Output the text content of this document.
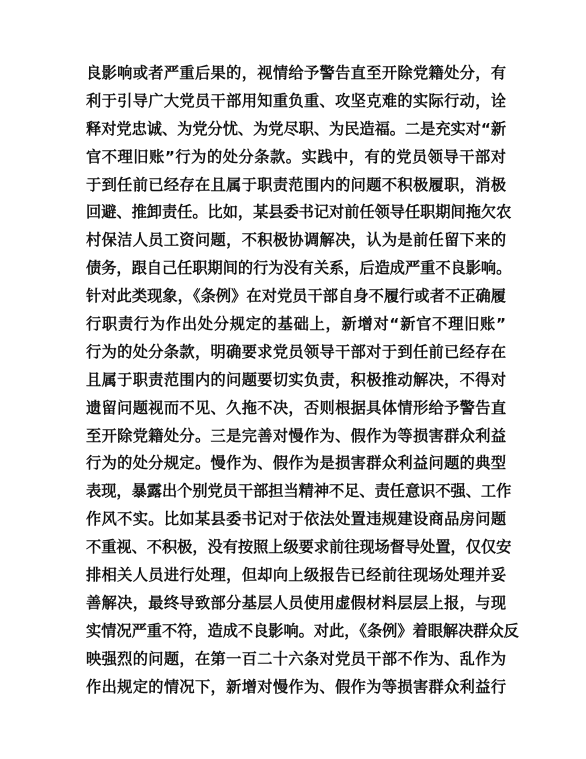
良影响或者严重后果的，视情给予警告直至开除党籍处分，有
利于引导广大党员干部用知重负重、攻坚克难的实际行动，诠
释对党忠诚、为党分忧、为党尽职、为民造福。二是充实对“新
官不理旧账”行为的处分条款。实践中，有的党员领导干部对
于到任前已经存在且属于职责范围内的问题不积极履职，消极
回避、推卸责任。比如，某县委书记对前任领导任职期间拖欠农
村保洁人员工资问题，不积极协调解决，认为是前任留下来的
债务，跟自己任职期间的行为没有关系，后造成严重不良影响。
针对此类现象，《条例》在对党员干部自身不履行或者不正确履
行职责行为作出处分规定的基础上，新增对“新官不理旧账”
行为的处分条款，明确要求党员领导干部对于到任前已经存在
且属于职责范围内的问题要切实负责，积极推动解决，不得对
遗留问题视而不见、久拖不决，否则根据具体情形给予警告直
至开除党籍处分。三是完善对慢作为、假作为等损害群众利益
行为的处分规定。慢作为、假作为是损害群众利益问题的典型
表现，暴露出个别党员干部担当精神不足、责任意识不强、工作
作风不实。比如某县委书记对于依法处置违规建设商品房问题
不重视、不积极，没有按照上级要求前往现场督导处置，仅仅安
排相关人员进行处理，但却向上级报告已经前往现场处理并妥
善解决，最终导致部分基层人员使用虚假材料层层上报，与现
实情况严重不符，造成不良影响。对此，《条例》着眼解决群众反
映强烈的问题，在第一百二十六条对党员干部不作为、乱作为
作出规定的情况下，新增对慢作为、假作为等损害群众利益行
